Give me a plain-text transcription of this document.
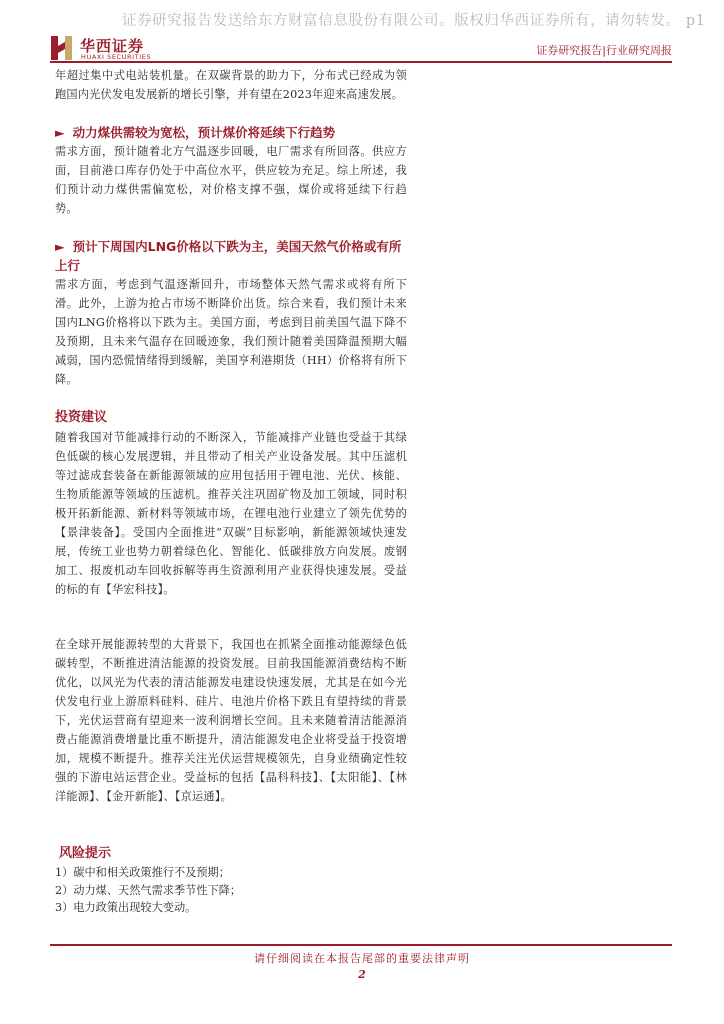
证券研究报告发送给东方财富信息股份有限公司。版权归华西证券所有，请勿转发。 p1
华西证券
HUAXI SECURITIES	证券研究报告|行业研究周报

年超过集中式电站装机量。在双碳背景的助力下，分布式已经成为领跑国内光伏发电发展新的增长引擎，并有望在2023年迎来高速发展。

► 动力煤供需较为宽松，预计煤价将延续下行趋势

需求方面，预计随着北方气温逐步回暖，电厂需求有所回落。供应方面，目前港口库存仍处于中高位水平，供应较为充足。综上所述，我们预计动力煤供需偏宽松，对价格支撑不强，煤价或将延续下行趋势。

► 预计下周国内LNG价格以下跌为主，美国天然气价格或有所上行

需求方面，考虑到气温逐渐回升，市场整体天然气需求或将有所下滑。此外，上游为抢占市场不断降价出货。综合来看，我们预计未来国内LNG价格将以下跌为主。美国方面，考虑到目前美国气温下降不及预期，且未来气温存在回暖迹象，我们预计随着美国降温预期大幅减弱，国内恐慌情绪得到缓解，美国亨利港期货（HH）价格将有所下降。

投资建议

随着我国对节能减排行动的不断深入，节能减排产业链也受益于其绿色低碳的核心发展逻辑，并且带动了相关产业设备发展。其中压滤机等过滤成套装备在新能源领域的应用包括用于锂电池、光伏、核能、生物质能源等领域的压滤机。推荐关注巩固矿物及加工领域，同时积极开拓新能源、新材料等领域市场，在锂电池行业建立了领先优势的【景津装备】。受国内全面推进“双碳”目标影响，新能源领域快速发展，传统工业也势力朝着绿色化、智能化、低碳排放方向发展。废钢加工、报废机动车回收拆解等再生资源利用产业获得快速发展。受益的标的有【华宏科技】。

在全球开展能源转型的大背景下，我国也在抓紧全面推动能源绿色低碳转型，不断推进清洁能源的投资发展。目前我国能源消费结构不断优化，以风光为代表的清洁能源发电建设快速发展，尤其是在如今光伏发电行业上游原料硅料、硅片、电池片价格下跌且有望持续的背景下，光伏运营商有望迎来一波利润增长空间。且未来随着清洁能源消费占能源消费增量比重不断提升，清洁能源发电企业将受益于投资增加，规模不断提升。推荐关注光伏运营规模领先，自身业绩确定性较强的下游电站运营企业。受益标的包括【晶科科技】、【太阳能】、【林洋能源】、【金开新能】、【京运通】。

风险提示

1）碳中和相关政策推行不及预期；
2）动力煤、天然气需求季节性下降；
3）电力政策出现较大变动。
请仔细阅读在本报告尾部的重要法律声明
2
